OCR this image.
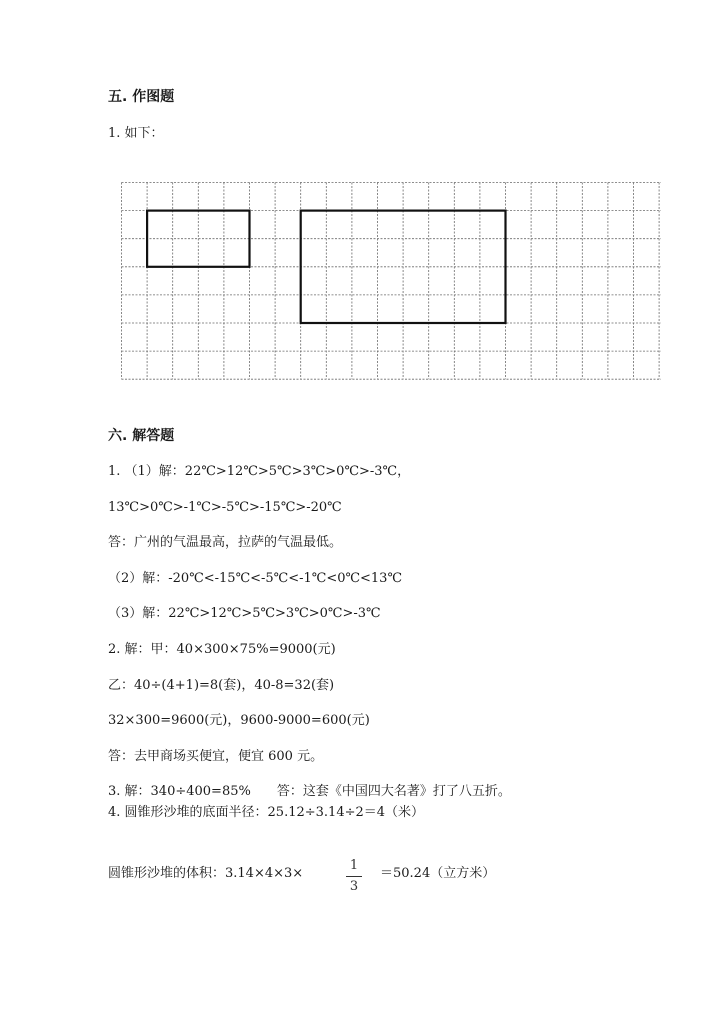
五. 作图题
1. 如下：
六. 解答题
1. （1）解：22℃>12℃>5℃>3℃>0℃>-3℃，
13℃>0℃>-1℃>-5℃>-15℃>-20℃
答：广州的气温最高，拉萨的气温最低。
（2）解：-20℃<-15℃<-5℃<-1℃<0℃<13℃
（3）解：22℃>12℃>5℃>3℃>0℃>-3℃
2. 解：甲：40×300×75%=9000(元)
乙：40÷(4+1)=8(套)，40-8=32(套)
32×300=9600(元)，9600-9000=600(元)
答：去甲商场买便宜，便宜 600 元。
3. 解：340÷400=85%　　答：这套《中国四大名著》打了八五折。
4. 圆锥形沙堆的底面半径：25.12÷3.14÷2＝4（米）
圆锥形沙堆的体积：3.14×4×3×
1
3
＝50.24（立方米）
